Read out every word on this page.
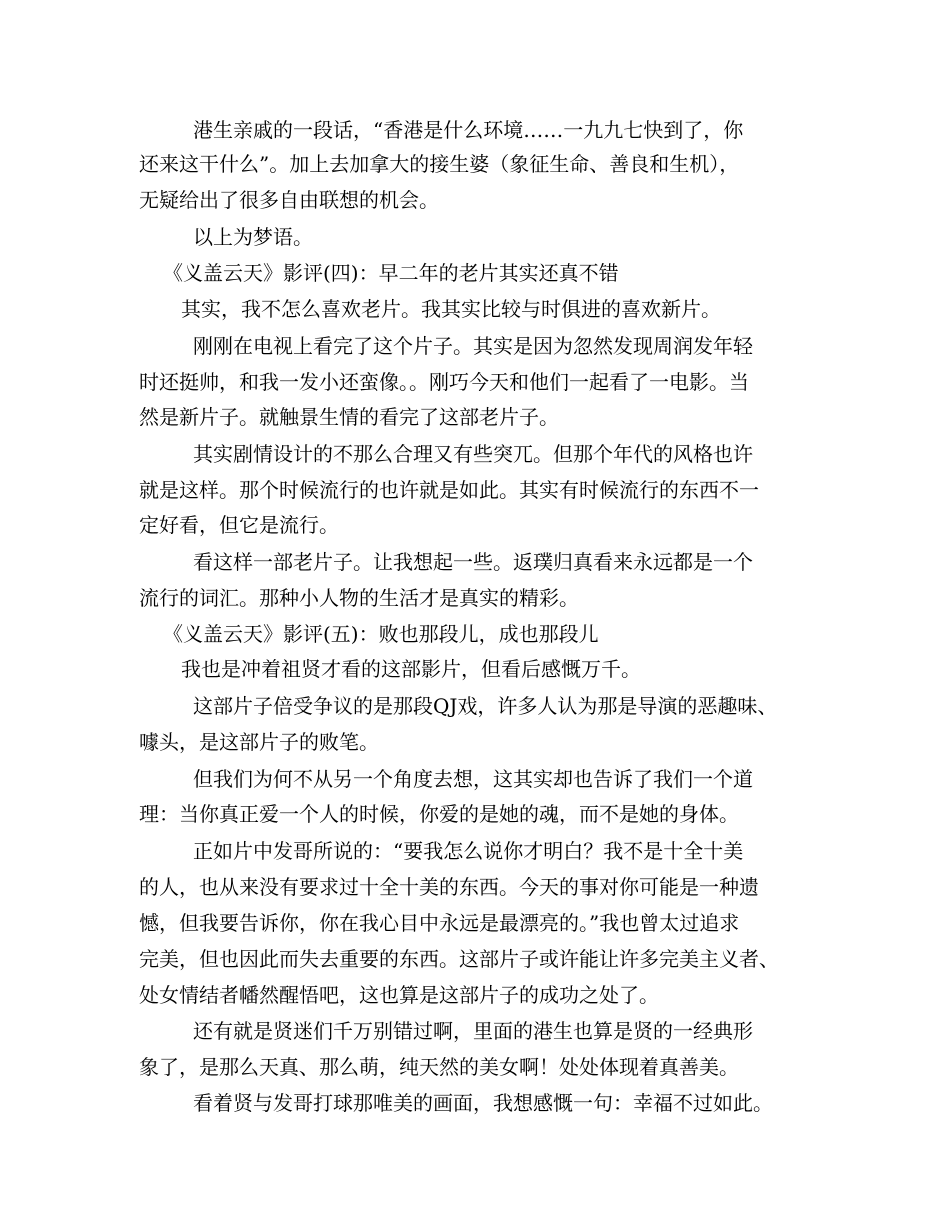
港生亲戚的一段话，“香港是什么环境……一九九七快到了，你
还来这干什么”。加上去加拿大的接生婆（象征生命、善良和生机），
无疑给出了很多自由联想的机会。
以上为梦语。
《义盖云天》影评(四)：早二年的老片其实还真不错
其实，我不怎么喜欢老片。我其实比较与时俱进的喜欢新片。
刚刚在电视上看完了这个片子。其实是因为忽然发现周润发年轻
时还挺帅，和我一发小还蛮像。。刚巧今天和他们一起看了一电影。当
然是新片子。就触景生情的看完了这部老片子。
其实剧情设计的不那么合理又有些突兀。但那个年代的风格也许
就是这样。那个时候流行的也许就是如此。其实有时候流行的东西不一
定好看，但它是流行。
看这样一部老片子。让我想起一些。返璞归真看来永远都是一个
流行的词汇。那种小人物的生活才是真实的精彩。
《义盖云天》影评(五)：败也那段儿，成也那段儿
我也是冲着祖贤才看的这部影片，但看后感慨万千。
这部片子倍受争议的是那段QJ戏，许多人认为那是导演的恶趣味、
噱头，是这部片子的败笔。
但我们为何不从另一个角度去想，这其实却也告诉了我们一个道
理：当你真正爱一个人的时候，你爱的是她的魂，而不是她的身体。
正如片中发哥所说的：“要我怎么说你才明白？我不是十全十美
的人，也从来没有要求过十全十美的东西。今天的事对你可能是一种遗
憾，但我要告诉你，你在我心目中永远是最漂亮的。”我也曾太过追求
完美，但也因此而失去重要的东西。这部片子或许能让许多完美主义者、
处女情结者幡然醒悟吧，这也算是这部片子的成功之处了。
还有就是贤迷们千万别错过啊，里面的港生也算是贤的一经典形
象了，是那么天真、那么萌，纯天然的美女啊！处处体现着真善美。
看着贤与发哥打球那唯美的画面，我想感慨一句：幸福不过如此。
